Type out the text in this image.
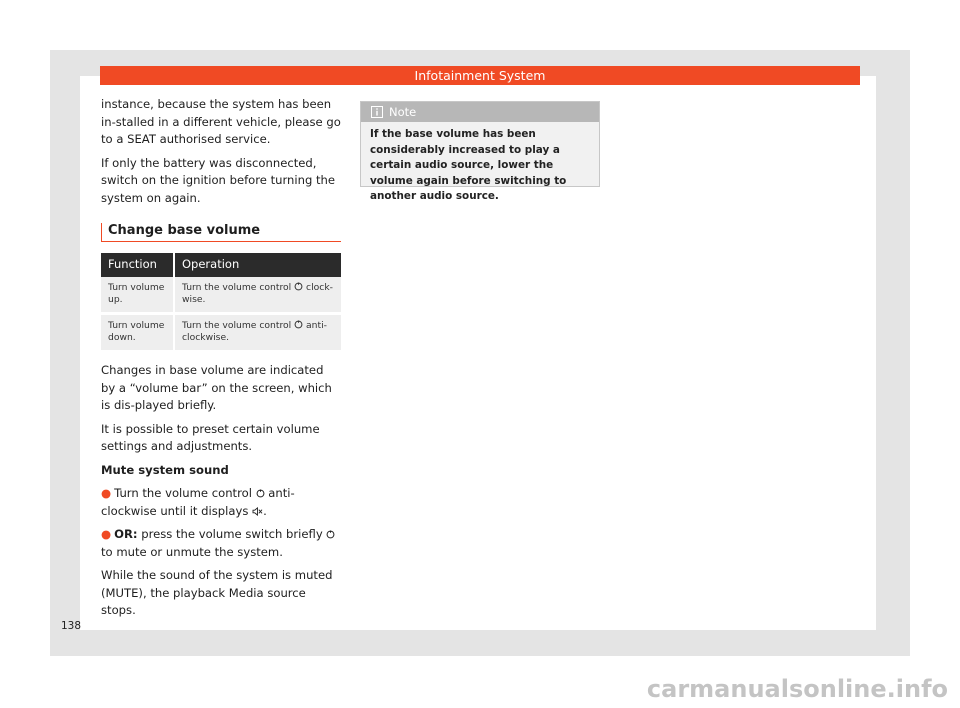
Infotainment System

instance, because the system has been in-stalled in a different vehicle, please go to a SEAT authorised service.

If only the battery was disconnected, switch on the ignition before turning the system on again.

Change base volume
Function	Operation
Turn volume up.	Turn the volume control  clock-wise.
Turn volume down.	Turn the volume control  anti-clockwise.

Changes in base volume are indicated by a “volume bar” on the screen, which is dis-played briefly.

It is possible to preset certain volume settings and adjustments.

Mute system sound

● Turn the volume control  anti-clockwise until it displays .

● OR: press the volume switch briefly  to mute or unmute the system.

While the sound of the system is muted (MUTE), the playback Media source stops.

Note
If the base volume has been considerably increased to play a certain audio source, lower the volume again before switching to another audio source.
138
carmanualsonline.info
